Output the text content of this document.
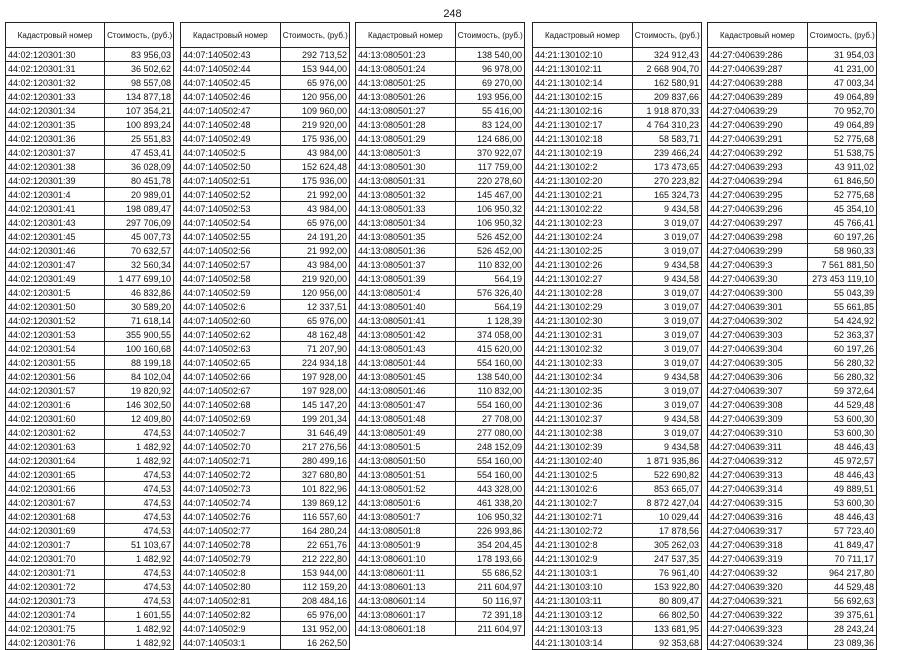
248
Кадастровый номер	Стоимость, (руб.)
44:02:120301:30	83 956,03
44:02:120301:31	36 502,62
44:02:120301:32	98 557,08
44:02:120301:33	134 877,18
44:02:120301:34	107 354,21
44:02:120301:35	100 893,24
44:02:120301:36	25 551,83
44:02:120301:37	47 453,41
44:02:120301:38	36 028,09
44:02:120301:39	80 451,78
44:02:120301:4	20 989,01
44:02:120301:41	198 089,47
44:02:120301:43	297 706,09
44:02:120301:45	45 007,73
44:02:120301:46	70 632,57
44:02:120301:47	32 560,34
44:02:120301:49	1 477 699,10
44:02:120301:5	46 832,86
44:02:120301:50	30 589,20
44:02:120301:52	71 618,14
44:02:120301:53	355 900,55
44:02:120301:54	100 160,68
44:02:120301:55	88 199,18
44:02:120301:56	84 102,04
44:02:120301:57	19 820,92
44:02:120301:6	146 302,50
44:02:120301:60	12 409,80
44:02:120301:62	474,53
44:02:120301:63	1 482,92
44:02:120301:64	1 482,92
44:02:120301:65	474,53
44:02:120301:66	474,53
44:02:120301:67	474,53
44:02:120301:68	474,53
44:02:120301:69	474,53
44:02:120301:7	51 103,67
44:02:120301:70	1 482,92
44:02:120301:71	474,53
44:02:120301:72	474,53
44:02:120301:73	474,53
44:02:120301:74	1 601,55
44:02:120301:75	1 482,92
44:02:120301:76	1 482,92
Кадастровый номер	Стоимость, (руб.)
44:07:140502:43	292 713,52
44:07:140502:44	153 944,00
44:07:140502:45	65 976,00
44:07:140502:46	120 956,00
44:07:140502:47	109 960,00
44:07:140502:48	219 920,00
44:07:140502:49	175 936,00
44:07:140502:5	43 984,00
44:07:140502:50	152 624,48
44:07:140502:51	175 936,00
44:07:140502:52	21 992,00
44:07:140502:53	43 984,00
44:07:140502:54	65 976,00
44:07:140502:55	24 191,20
44:07:140502:56	21 992,00
44:07:140502:57	43 984,00
44:07:140502:58	219 920,00
44:07:140502:59	120 956,00
44:07:140502:6	12 337,51
44:07:140502:60	65 976,00
44:07:140502:62	48 162,48
44:07:140502:63	71 207,90
44:07:140502:65	224 934,18
44:07:140502:66	197 928,00
44:07:140502:67	197 928,00
44:07:140502:68	145 147,20
44:07:140502:69	199 201,34
44:07:140502:7	31 646,49
44:07:140502:70	217 276,56
44:07:140502:71	280 499,16
44:07:140502:72	327 680,80
44:07:140502:73	101 822,96
44:07:140502:74	139 869,12
44:07:140502:76	116 557,60
44:07:140502:77	164 280,24
44:07:140502:78	22 651,76
44:07:140502:79	212 222,80
44:07:140502:8	153 944,00
44:07:140502:80	112 159,20
44:07:140502:81	208 484,16
44:07:140502:82	65 976,00
44:07:140502:9	131 952,00
44:07:140503:1	16 262,50
Кадастровый номер	Стоимость, (руб.)
44:13:080501:23	138 540,00
44:13:080501:24	96 978,00
44:13:080501:25	69 270,00
44:13:080501:26	193 956,00
44:13:080501:27	55 416,00
44:13:080501:28	83 124,00
44:13:080501:29	124 686,00
44:13:080501:3	370 922,07
44:13:080501:30	117 759,00
44:13:080501:31	220 278,60
44:13:080501:32	145 467,00
44:13:080501:33	106 950,32
44:13:080501:34	106 950,32
44:13:080501:35	526 452,00
44:13:080501:36	526 452,00
44:13:080501:37	110 832,00
44:13:080501:39	564,19
44:13:080501:4	576 326,40
44:13:080501:40	564,19
44:13:080501:41	1 128,39
44:13:080501:42	374 058,00
44:13:080501:43	415 620,00
44:13:080501:44	554 160,00
44:13:080501:45	138 540,00
44:13:080501:46	110 832,00
44:13:080501:47	554 160,00
44:13:080501:48	27 708,00
44:13:080501:49	277 080,00
44:13:080501:5	248 152,09
44:13:080501:50	554 160,00
44:13:080501:51	554 160,00
44:13:080501:52	443 328,00
44:13:080501:6	461 338,20
44:13:080501:7	106 950,32
44:13:080501:8	226 993,86
44:13:080501:9	354 204,45
44:13:080601:10	178 193,66
44:13:080601:11	55 686,52
44:13:080601:13	211 604,97
44:13:080601:14	50 116,97
44:13:080601:17	72 391,18
44:13:080601:18	211 604,97
Кадастровый номер	Стоимость, (руб.)
44:21:130102:10	324 912,43
44:21:130102:11	2 668 904,70
44:21:130102:14	162 580,91
44:21:130102:15	209 837,66
44:21:130102:16	1 918 870,33
44:21:130102:17	4 764 310,23
44:21:130102:18	58 583,71
44:21:130102:19	239 466,24
44:21:130102:2	173 473,65
44:21:130102:20	270 223,82
44:21:130102:21	165 324,73
44:21:130102:22	9 434,58
44:21:130102:23	3 019,07
44:21:130102:24	3 019,07
44:21:130102:25	3 019,07
44:21:130102:26	9 434,58
44:21:130102:27	9 434,58
44:21:130102:28	3 019,07
44:21:130102:29	3 019,07
44:21:130102:30	3 019,07
44:21:130102:31	3 019,07
44:21:130102:32	3 019,07
44:21:130102:33	3 019,07
44:21:130102:34	9 434,58
44:21:130102:35	3 019,07
44:21:130102:36	3 019,07
44:21:130102:37	9 434,58
44:21:130102:38	3 019,07
44:21:130102:39	9 434,58
44:21:130102:40	1 871 935,86
44:21:130102:5	522 690,82
44:21:130102:6	853 665,07
44:21:130102:7	8 872 427,04
44:21:130102:71	10 029,44
44:21:130102:72	17 878,56
44:21:130102:8	305 262,03
44:21:130102:9	247 537,35
44:21:130103:1	76 961,40
44:21:130103:10	153 922,80
44:21:130103:11	80 809,47
44:21:130103:12	66 802,50
44:21:130103:13	133 681,95
44:21:130103:14	92 353,68
Кадастровый номер	Стоимость, (руб.)
44:27:040639:286	31 954,03
44:27:040639:287	41 231,00
44:27:040639:288	47 003,34
44:27:040639:289	49 064,89
44:27:040639:29	70 952,70
44:27:040639:290	49 064,89
44:27:040639:291	52 775,68
44:27:040639:292	51 538,75
44:27:040639:293	43 911,02
44:27:040639:294	61 846,50
44:27:040639:295	52 775,68
44:27:040639:296	45 354,10
44:27:040639:297	45 766,41
44:27:040639:298	60 197,26
44:27:040639:299	58 960,33
44:27:040639:3	7 561 881,50
44:27:040639:30	273 453 119,10
44:27:040639:300	55 043,39
44:27:040639:301	55 661,85
44:27:040639:302	54 424,92
44:27:040639:303	52 363,37
44:27:040639:304	60 197,26
44:27:040639:305	56 280,32
44:27:040639:306	56 280,32
44:27:040639:307	59 372,64
44:27:040639:308	44 529,48
44:27:040639:309	53 600,30
44:27:040639:310	53 600,30
44:27:040639:311	48 446,43
44:27:040639:312	45 972,57
44:27:040639:313	48 446,43
44:27:040639:314	49 889,51
44:27:040639:315	53 600,30
44:27:040639:316	48 446,43
44:27:040639:317	57 723,40
44:27:040639:318	41 849,47
44:27:040639:319	70 711,17
44:27:040639:32	964 217,80
44:27:040639:320	44 529,48
44:27:040639:321	56 692,63
44:27:040639:322	39 375,61
44:27:040639:323	28 243,24
44:27:040639:324	23 089,36
